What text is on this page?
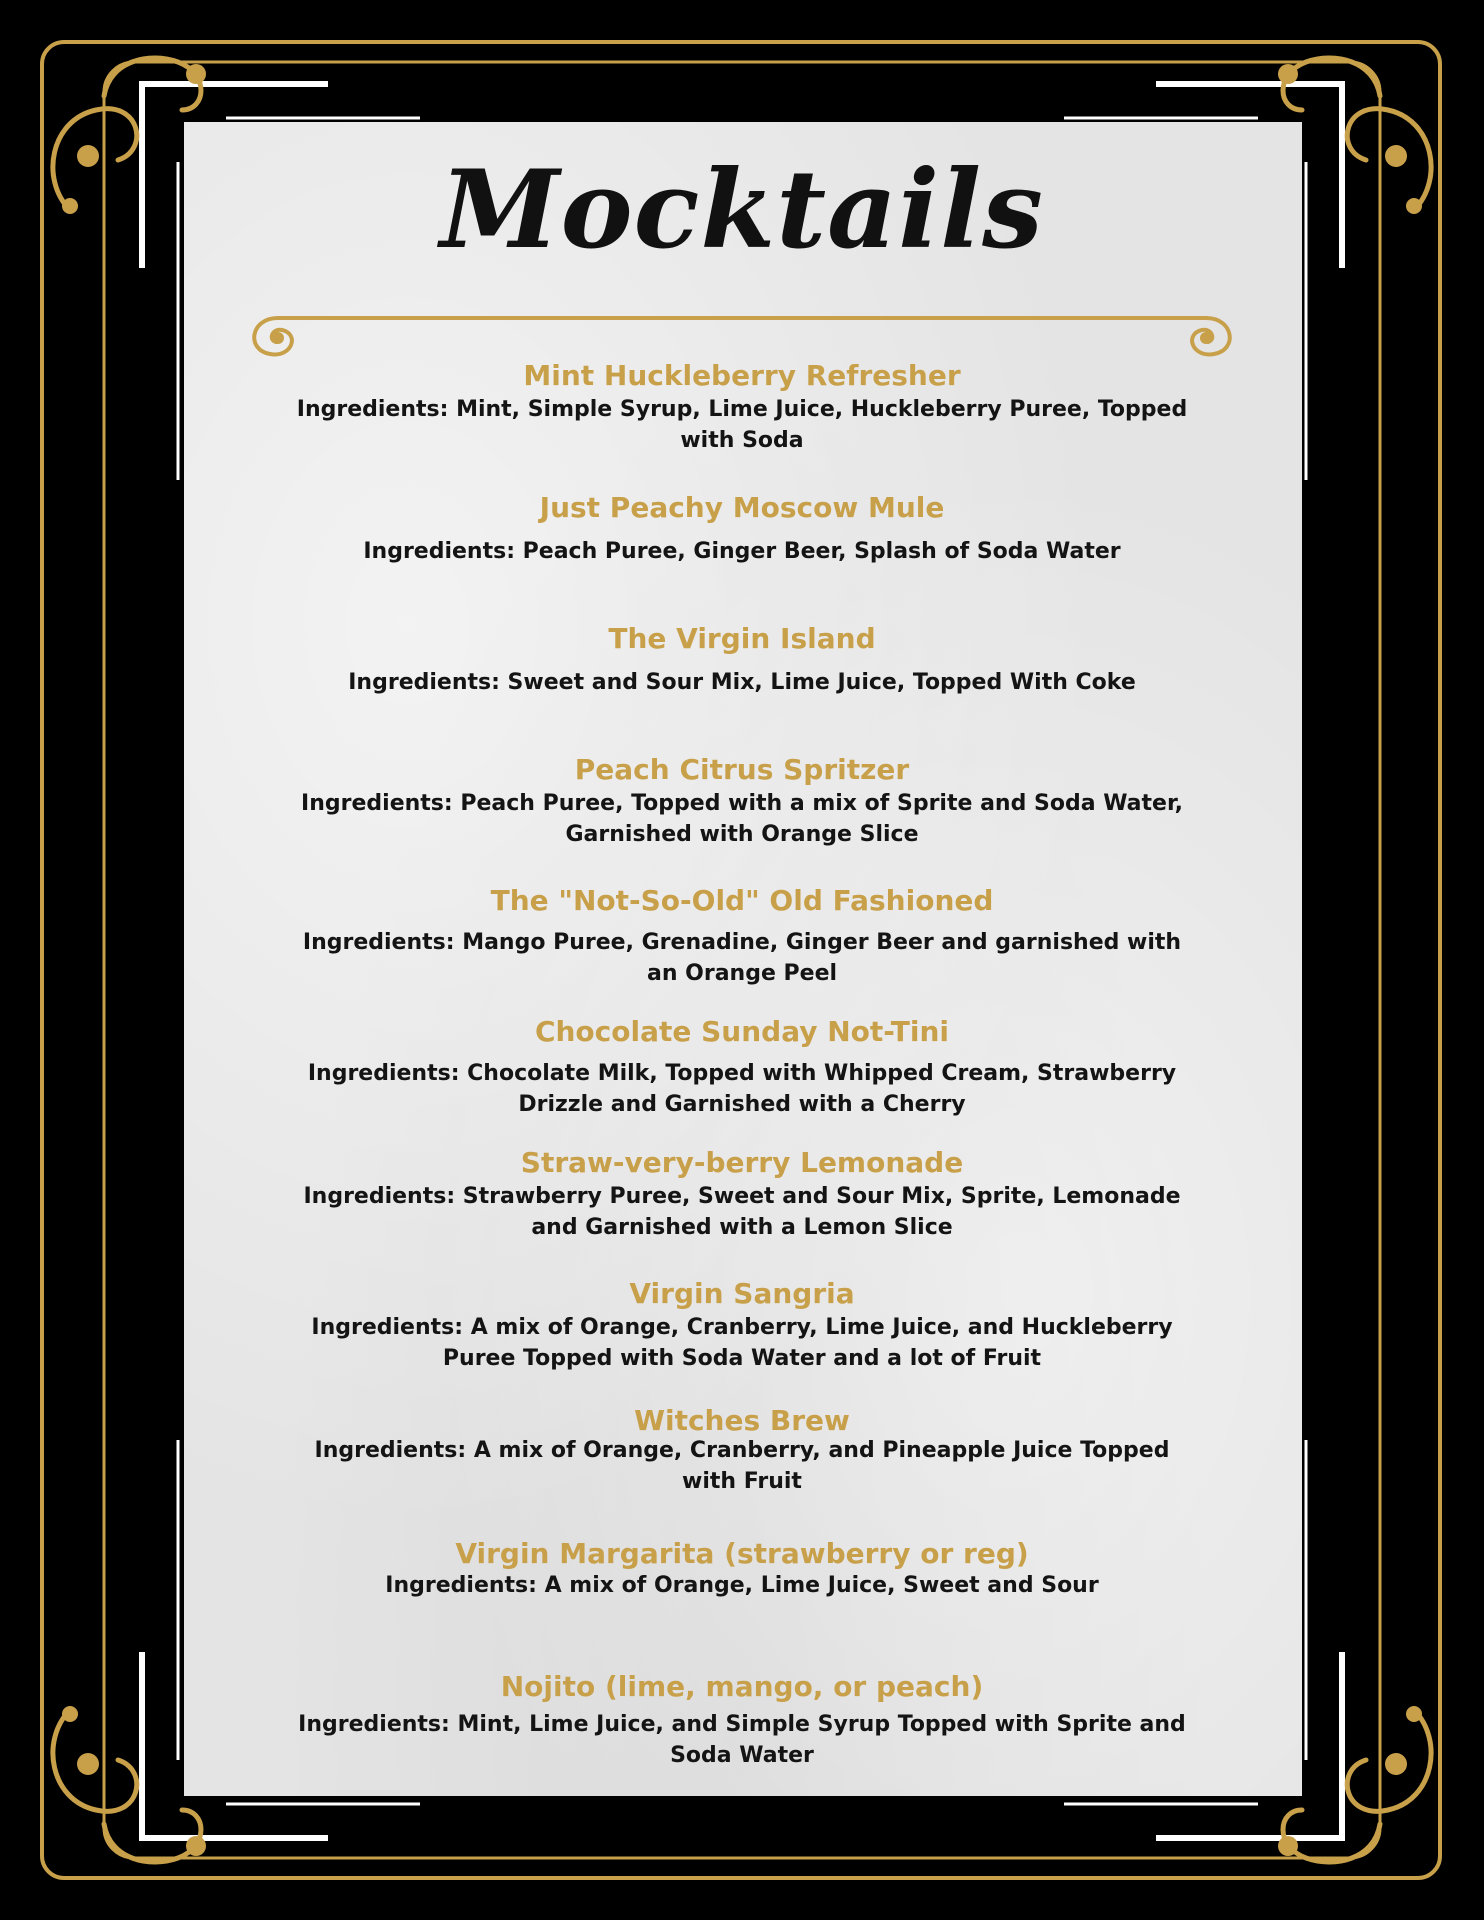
Mocktails
Mint Huckleberry Refresher
Ingredients: Mint, Simple Syrup, Lime Juice, Huckleberry Puree, Topped with Soda
Just Peachy Moscow Mule
Ingredients: Peach Puree, Ginger Beer, Splash of Soda Water
The Virgin Island
Ingredients: Sweet and Sour Mix, Lime Juice, Topped With Coke
Peach Citrus Spritzer
Ingredients: Peach Puree, Topped with a mix of Sprite and Soda Water, Garnished with Orange Slice
The "Not-So-Old" Old Fashioned
Ingredients: Mango Puree, Grenadine, Ginger Beer and garnished with an Orange Peel
Chocolate Sunday Not-Tini
Ingredients: Chocolate Milk, Topped with Whipped Cream, Strawberry Drizzle and Garnished with a Cherry
Straw-very-berry Lemonade
Ingredients: Strawberry Puree, Sweet and Sour Mix, Sprite, Lemonade and Garnished with a Lemon Slice
Virgin Sangria
Ingredients: A mix of Orange, Cranberry, Lime Juice, and Huckleberry Puree Topped with Soda Water and a lot of Fruit
Witches Brew
Ingredients: A mix of Orange, Cranberry, and Pineapple Juice Topped with Fruit
Virgin Margarita (strawberry or reg)
Ingredients: A mix of Orange, Lime Juice, Sweet and Sour
Nojito (lime, mango, or peach)
Ingredients: Mint, Lime Juice, and Simple Syrup Topped with Sprite and Soda Water
